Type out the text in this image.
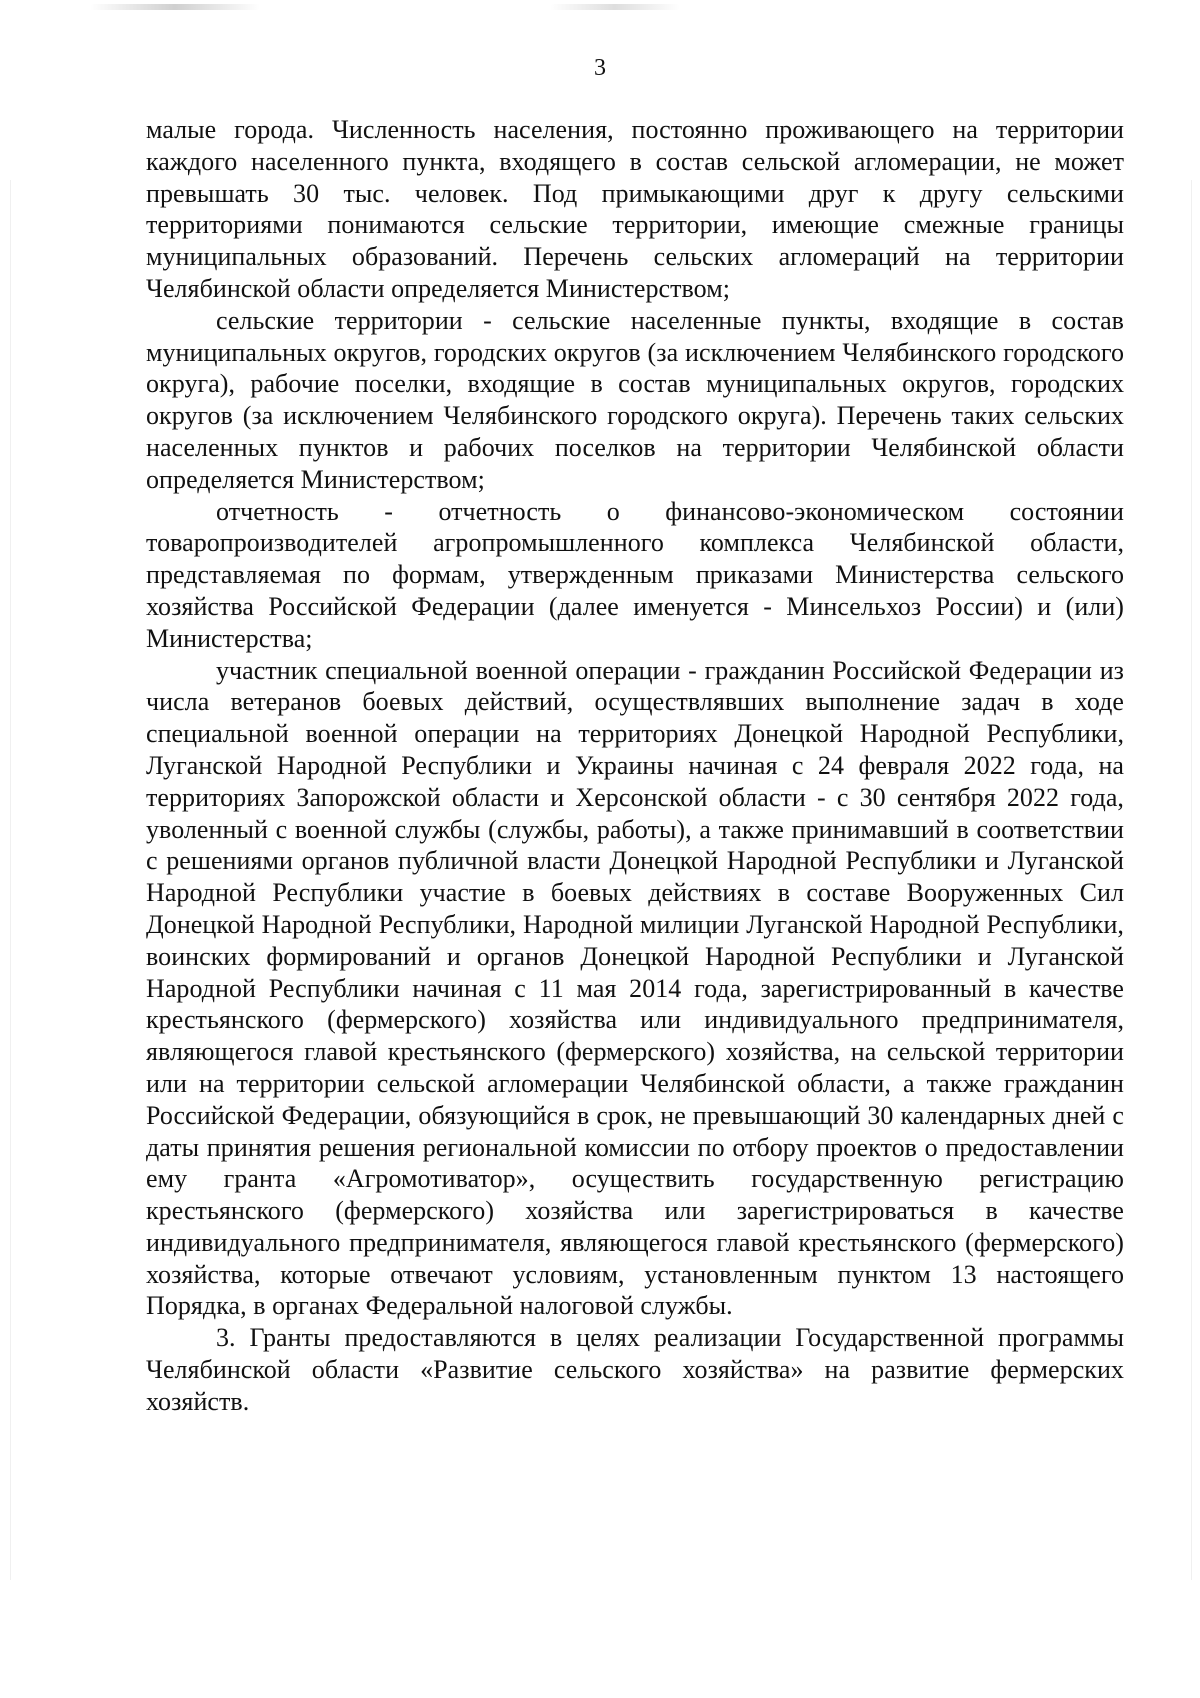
3

малые города. Численность населения, постоянно проживающего на территории каждого населенного пункта, входящего в состав сельской агломерации, не может превышать 30 тыс. человек. Под примыкающими друг к другу сельскими территориями понимаются сельские территории, имеющие смежные границы муниципальных образований. Перечень сельских агломераций на территории Челябинской области определяется Министерством;

сельские территории - сельские населенные пункты, входящие в состав муниципальных округов, городских округов (за исключением Челябинского городского округа), рабочие поселки, входящие в состав муниципальных округов, городских округов (за исключением Челябинского городского округа). Перечень таких сельских населенных пунктов и рабочих поселков на территории Челябинской области определяется Министерством;

отчетность - отчетность о финансово-экономическом состоянии товаропроизводителей агропромышленного комплекса Челябинской области, представляемая по формам, утвержденным приказами Министерства сельского хозяйства Российской Федерации (далее именуется - Минсельхоз России) и (или) Министерства;

участник специальной военной операции - гражданин Российской Федерации из числа ветеранов боевых действий, осуществлявших выполнение задач в ходе специальной военной операции на территориях Донецкой Народной Республики, Луганской Народной Республики и Украины начиная с 24 февраля 2022 года, на территориях Запорожской области и Херсонской области - с 30 сентября 2022 года, уволенный с военной службы (службы, работы), а также принимавший в соответствии с решениями органов публичной власти Донецкой Народной Республики и Луганской Народной Республики участие в боевых действиях в составе Вооруженных Сил Донецкой Народной Республики, Народной милиции Луганской Народной Республики, воинских формирований и органов Донецкой Народной Республики и Луганской Народной Республики начиная с 11 мая 2014 года, зарегистрированный в качестве крестьянского (фермерского) хозяйства или индивидуального предпринимателя, являющегося главой крестьянского (фермерского) хозяйства, на сельской территории или на территории сельской агломерации Челябинской области, а также гражданин Российской Федерации, обязующийся в срок, не превышающий 30 календарных дней с даты принятия решения региональной комиссии по отбору проектов о предоставлении ему гранта «Агромотиватор», осуществить государственную регистрацию крестьянского (фермерского) хозяйства или зарегистрироваться в качестве индивидуального предпринимателя, являющегося главой крестьянского (фермерского) хозяйства, которые отвечают условиям, установленным пунктом 13 настоящего Порядка, в органах Федеральной налоговой службы.

3. Гранты предоставляются в целях реализации Государственной программы Челябинской области «Развитие сельского хозяйства» на развитие фермерских хозяйств.
